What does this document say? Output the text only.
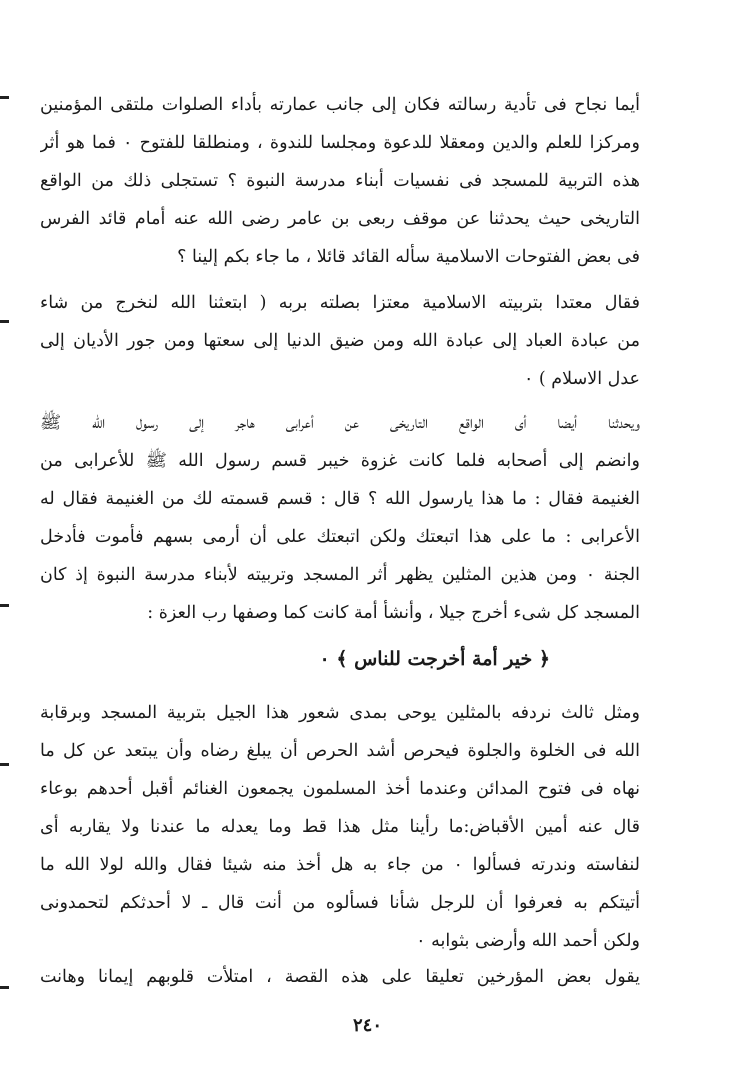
أيما نجاح فى تأدية رسالته فكان إلى جانب عمارته بأداء الصلوات ملتقى المؤمنين
ومركزا للعلم والدين ومعقلا للدعوة ومجلسا للندوة ، ومنطلقا للفتوح ۰ فما هو أثر
هذه التربية للمسجد فى نفسيات أبناء مدرسة النبوة ؟ تستجلى ذلك من الواقع
التاريخى حيث يحدثنا عن موقف ربعى بن عامر رضى الله عنه أمام قائد الفرس
فى بعض الفتوحات الاسلامية سأله القائد قائلا ، ما جاء بكم إلينا ؟
فقال معتدا بتربيته الاسلامية معتزا بصلته بربه ( ابتعثنا الله لنخرج من شاء
من عبادة العباد إلى عبادة الله ومن ضيق الدنيا إلى سعتها ومن جور الأديان إلى
عدل الاسلام ) ۰
ويحدثنا أيضا أى الواقع التاريخى عن أعرابى هاجر إلى رسول الله ﷺ
وانضم إلى أصحابه فلما كانت غزوة خيبر قسم رسول الله ﷺ للأعرابى من
الغنيمة فقال : ما هذا يارسول الله ؟ قال : قسم قسمته لك من الغنيمة فقال له
الأعرابى : ما على هذا اتبعتك ولكن اتبعتك على أن أرمى بسهم فأموت فأدخل
الجنة ۰ ومن هذين المثلين يظهر أثر المسجد وتربيته لأبناء مدرسة النبوة إذ كان
المسجد كل شىء أخرج جيلا ، وأنشأ أمة كانت كما وصفها رب العزة :
﴿ خير أمة أخرجت للناس ﴾ ۰
ومثل ثالث نردفه بالمثلين يوحى بمدى شعور هذا الجيل بتربية المسجد وبرقابة
الله فى الخلوة والجلوة فيحرص أشد الحرص أن يبلغ رضاه وأن يبتعد عن كل ما
نهاه فى فتوح المدائن وعندما أخذ المسلمون يجمعون الغنائم أقبل أحدهم بوعاء
قال عنه أمين الأقباض:ما رأينا مثل هذا قط وما يعدله ما عندنا ولا يقاربه أى
لنفاسته وندرته فسألوا ۰ من جاء به هل أخذ منه شيئا فقال والله لولا الله ما
أتيتكم به فعرفوا أن للرجل شأنا فسألوه من أنت قال ـ لا أحدثكم لتحمدونى
ولكن أحمد الله وأرضى بثوابه ۰
يقول بعض المؤرخين تعليقا على هذه القصة ، امتلأت قلوبهم إيمانا وهانت
٢٤٠
